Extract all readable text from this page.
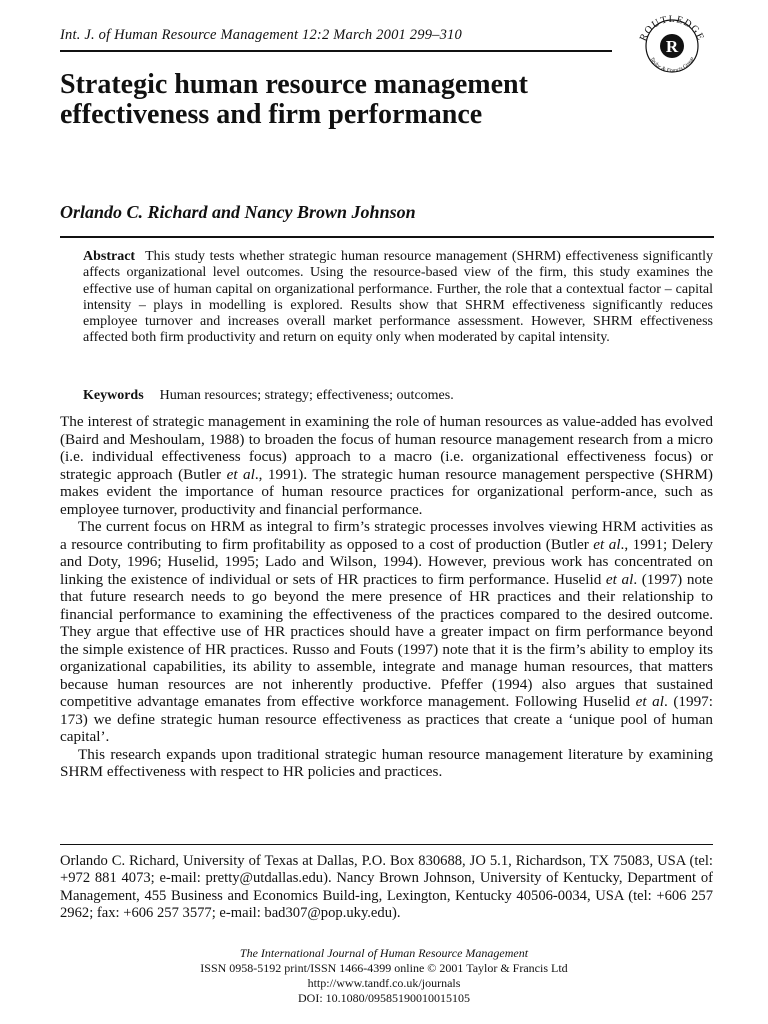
Int. J. of Human Resource Management 12:2 March 2001 299–310	ROUTLEDGE
Taylor & Francis Group
R
Strategic human resource management effectiveness and firm performance
Orlando C. Richard and Nancy Brown Johnson
Abstract This study tests whether strategic human resource management (SHRM) effectiveness significantly affects organizational level outcomes. Using the resource-based view of the firm, this study examines the effective use of human capital on organizational performance. Further, the role that a contextual factor – capital intensity – plays in modelling is explored. Results show that SHRM effectiveness significantly reduces employee turnover and increases overall market performance assessment. However, SHRM effectiveness affected both firm productivity and return on equity only when moderated by capital intensity.
Keywords Human resources; strategy; effectiveness; outcomes.

The interest of strategic management in examining the role of human resources as value-added has evolved (Baird and Meshoulam, 1988) to broaden the focus of human resource management research from a micro (i.e. individual effectiveness focus) approach to a macro (i.e. organizational effectiveness focus) or strategic approach (Butler et al., 1991). The strategic human resource management perspective (SHRM) makes evident the importance of human resource practices for organizational perform-ance, such as employee turnover, productivity and financial performance.

The current focus on HRM as integral to firm’s strategic processes involves viewing HRM activities as a resource contributing to firm profitability as opposed to a cost of production (Butler et al., 1991; Delery and Doty, 1996; Huselid, 1995; Lado and Wilson, 1994). However, previous work has concentrated on linking the existence of individual or sets of HR practices to firm performance. Huselid et al. (1997) note that future research needs to go beyond the mere presence of HR practices and their relationship to financial performance to examining the effectiveness of the practices compared to the desired outcome. They argue that effective use of HR practices should have a greater impact on firm performance beyond the simple existence of HR practices. Russo and Fouts (1997) note that it is the firm’s ability to employ its organizational capabilities, its ability to assemble, integrate and manage human resources, that matters because human resources are not inherently productive. Pfeffer (1994) also argues that sustained competitive advantage emanates from effective workforce management. Following Huselid et al. (1997: 173) we define strategic human resource effectiveness as practices that create a ‘unique pool of human capital’.

This research expands upon traditional strategic human resource management literature by examining SHRM effectiveness with respect to HR policies and practices.

Orlando C. Richard, University of Texas at Dallas, P.O. Box 830688, JO 5.1, Richardson, TX 75083, USA (tel: +972 881 4073; e-mail: pretty@utdallas.edu). Nancy Brown Johnson, University of Kentucky, Department of Management, 455 Business and Economics Build-ing, Lexington, Kentucky 40506-0034, USA (tel: +606 257 2962; fax: +606 257 3577; e-mail: bad307@pop.uky.edu).
The International Journal of Human Resource Management
ISSN 0958-5192 print/ISSN 1466-4399 online © 2001 Taylor & Francis Ltd
http://www.tandf.co.uk/journals
DOI: 10.1080/09585190010015105
